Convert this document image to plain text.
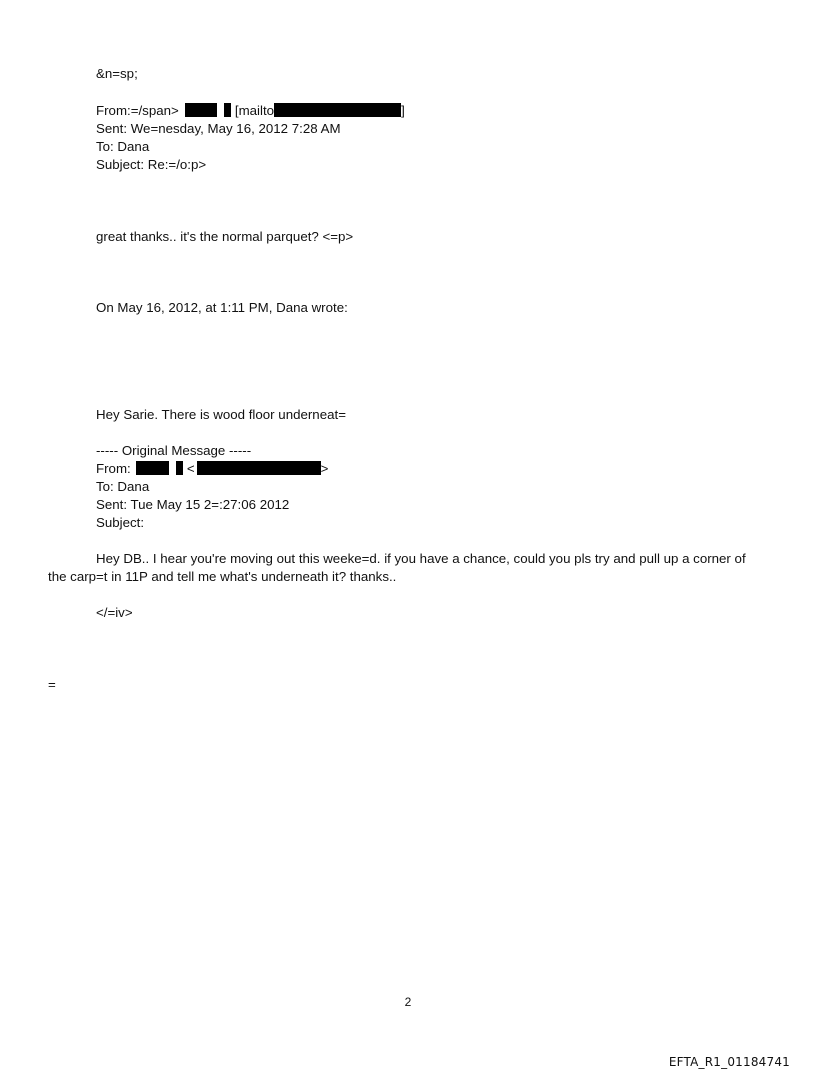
&n=sp;
From:=/span>	[mailto	]
Sent: We=nesday, May 16, 2012 7:28 AM
To: Dana
Subject: Re:=/o:p>
great thanks.. it's the normal parquet? <=p>
On May 16, 2012, at 1:11 PM, Dana wrote:
Hey Sarie. There is wood floor underneat=
----- Original Message -----
From:	<	>
To: Dana
Sent: Tue May 15 2=:27:06 2012
Subject:
Hey DB.. I hear you're moving out this weeke=d. if you have a chance, could you pls try and pull up a corner of
the carp=t in 11P and tell me what's underneath it? thanks..
</=iv>
=
2
EFTA_R1_01184741
